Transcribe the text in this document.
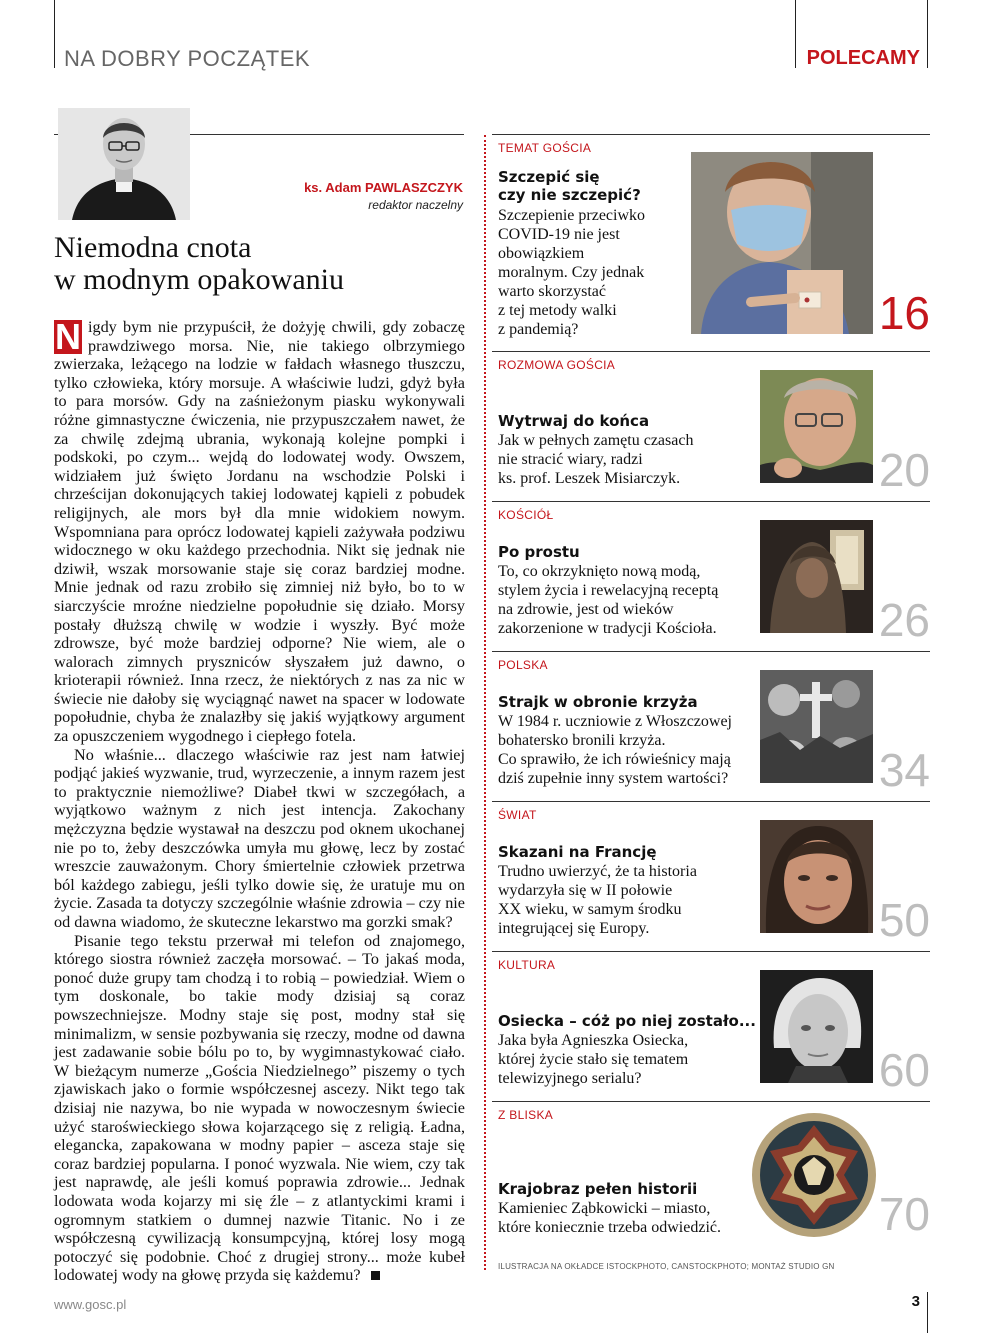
NA DOBRY POCZĄTEK	POLECAMY
ks. Adam PAWLASZCZYK
redaktor naczelny
Niemodna cnota
w modnym opakowaniu

N igdy bym nie przypuścił, że dożyję chwili, gdy zobaczę prawdziwego morsa. Nie, nie takiego olbrzymiego zwierzaka, leżącego na lodzie w fałdach własnego tłuszczu, tylko człowieka, który morsuje. A właściwie ludzi, gdyż była to para morsów. Gdy na zaśnieżonym piasku wykonywali różne gimnastyczne ćwiczenia, nie przypuszczałem nawet, że za chwilę zdejmą ubrania, wykonają kolejne pompki i podskoki, po czym... wejdą do lodowatej wody. Owszem, widziałem już święto Jordanu na wschodzie Polski i chrześcijan dokonujących takiej lodowatej kąpieli z pobudek religijnych, ale mors był dla mnie widokiem nowym. Wspomniana para oprócz lodowatej kąpieli zażywała podziwu widocznego w oku każdego przechodnia. Nikt się jednak nie dziwił, wszak morsowanie staje się coraz bardziej modne. Mnie jednak od razu zrobiło się zimniej niż było, bo to w siarczyście mroźne niedzielne popołudnie się działo. Morsy postały dłuższą chwilę w wodzie i wyszły. Być może zdrowsze, być może bardziej odporne? Nie wiem, ale o walorach zimnych pryszniców słyszałem już dawno, o krioterapii również. Inna rzecz, że niektórych z nas za nic w świecie nie dałoby się wyciągnąć nawet na spacer w lodowate popołudnie, chyba że znalazłby się jakiś wyjątkowy argument za opuszczeniem wygodnego i ciepłego fotela.

No właśnie... dlaczego właściwie raz jest nam łatwiej podjąć jakieś wyzwanie, trud, wyrzeczenie, a innym razem jest to praktycznie niemożliwe? Diabeł tkwi w szczegółach, a wyjątkowo ważnym z nich jest intencja. Zakochany mężczyzna będzie wystawał na deszczu pod oknem ukochanej nie po to, żeby deszczówka umyła mu głowę, lecz by zostać wreszcie zauważonym. Chory śmiertelnie człowiek przetrwa ból każdego zabiegu, jeśli tylko dowie się, że uratuje mu on życie. Zasada ta dotyczy szczególnie właśnie zdrowia – czy nie od dawna wiadomo, że skuteczne lekarstwo ma gorzki smak?

Pisanie tego tekstu przerwał mi telefon od znajomego, którego siostra również zaczęła morsować. – To jakaś moda, ponoć duże grupy tam chodzą i to robią – powiedział. Wiem o tym doskonale, bo takie mody dzisiaj są coraz powszechniejsze. Modny staje się post, modny stał się minimalizm, w sensie pozbywania się rzeczy, modne od dawna jest zadawanie sobie bólu po to, by wygimnastykować ciało. W bieżącym numerze „Gościa Niedzielnego” piszemy o tych zjawiskach jako o formie współczesnej ascezy. Nikt tego tak dzisiaj nie nazywa, bo nie wypada w nowoczesnym świecie użyć staroświeckiego słowa kojarzącego się z religią. Ładna, elegancka, zapakowana w modny papier – asceza staje się coraz bardziej popularna. I ponoć wyzwala. Nie wiem, czy tak jest naprawdę, ale jeśli komuś poprawia zdrowie... Jednak lodowata woda kojarzy mi się źle – z atlantyckimi krami i ogromnym statkiem o dumnej nazwie Titanic. No i ze współczesną cywilizacją konsumpcyjną, której losy mogą potoczyć się podobnie. Choć z drugiej strony... może kubeł lodowatej wody na głowę przyda się każdemu?

TEMAT GOŚCIA
Szczepić się
czy nie szczepić?
Szczepienie przeciwko
COVID-19 nie jest
obowiązkiem
moralnym. Czy jednak
warto skorzystać
z tej metody walki
z pandemią?	16
ROZMOWA GOŚCIA
Wytrwaj do końca
Jak w pełnych zamętu czasach
nie stracić wiary, radzi
ks. prof. Leszek Misiarczyk.	20
KOŚCIÓŁ
Po prostu
To, co okrzyknięto nową modą,
stylem życia i rewelacyjną receptą
na zdrowie, jest od wieków
zakorzenione w tradycji Kościoła.	26
POLSKA
Strajk w obronie krzyża
W 1984 r. uczniowie z Włoszczowej
bohatersko bronili krzyża.
Co sprawiło, że ich rówieśnicy mają
dziś zupełnie inny system wartości?	34
ŚWIAT
Skazani na Francję
Trudno uwierzyć, że ta historia
wydarzyła się w II połowie
XX wieku, w samym środku
integrującej się Europy.	50
KULTURA
Osiecka – cóż po niej zostało...
Jaka była Agnieszka Osiecka,
której życie stało się tematem
telewizyjnego serialu?	60
Z BLISKA
Krajobraz pełen historii
Kamieniec Ząbkowicki – miasto,
które koniecznie trzeba odwiedzić.	70
ILUSTRACJA NA OKŁADCE ISTOCKPHOTO, CANSTOCKPHOTO; MONTAŻ STUDIO GN
www.gosc.pl	3
